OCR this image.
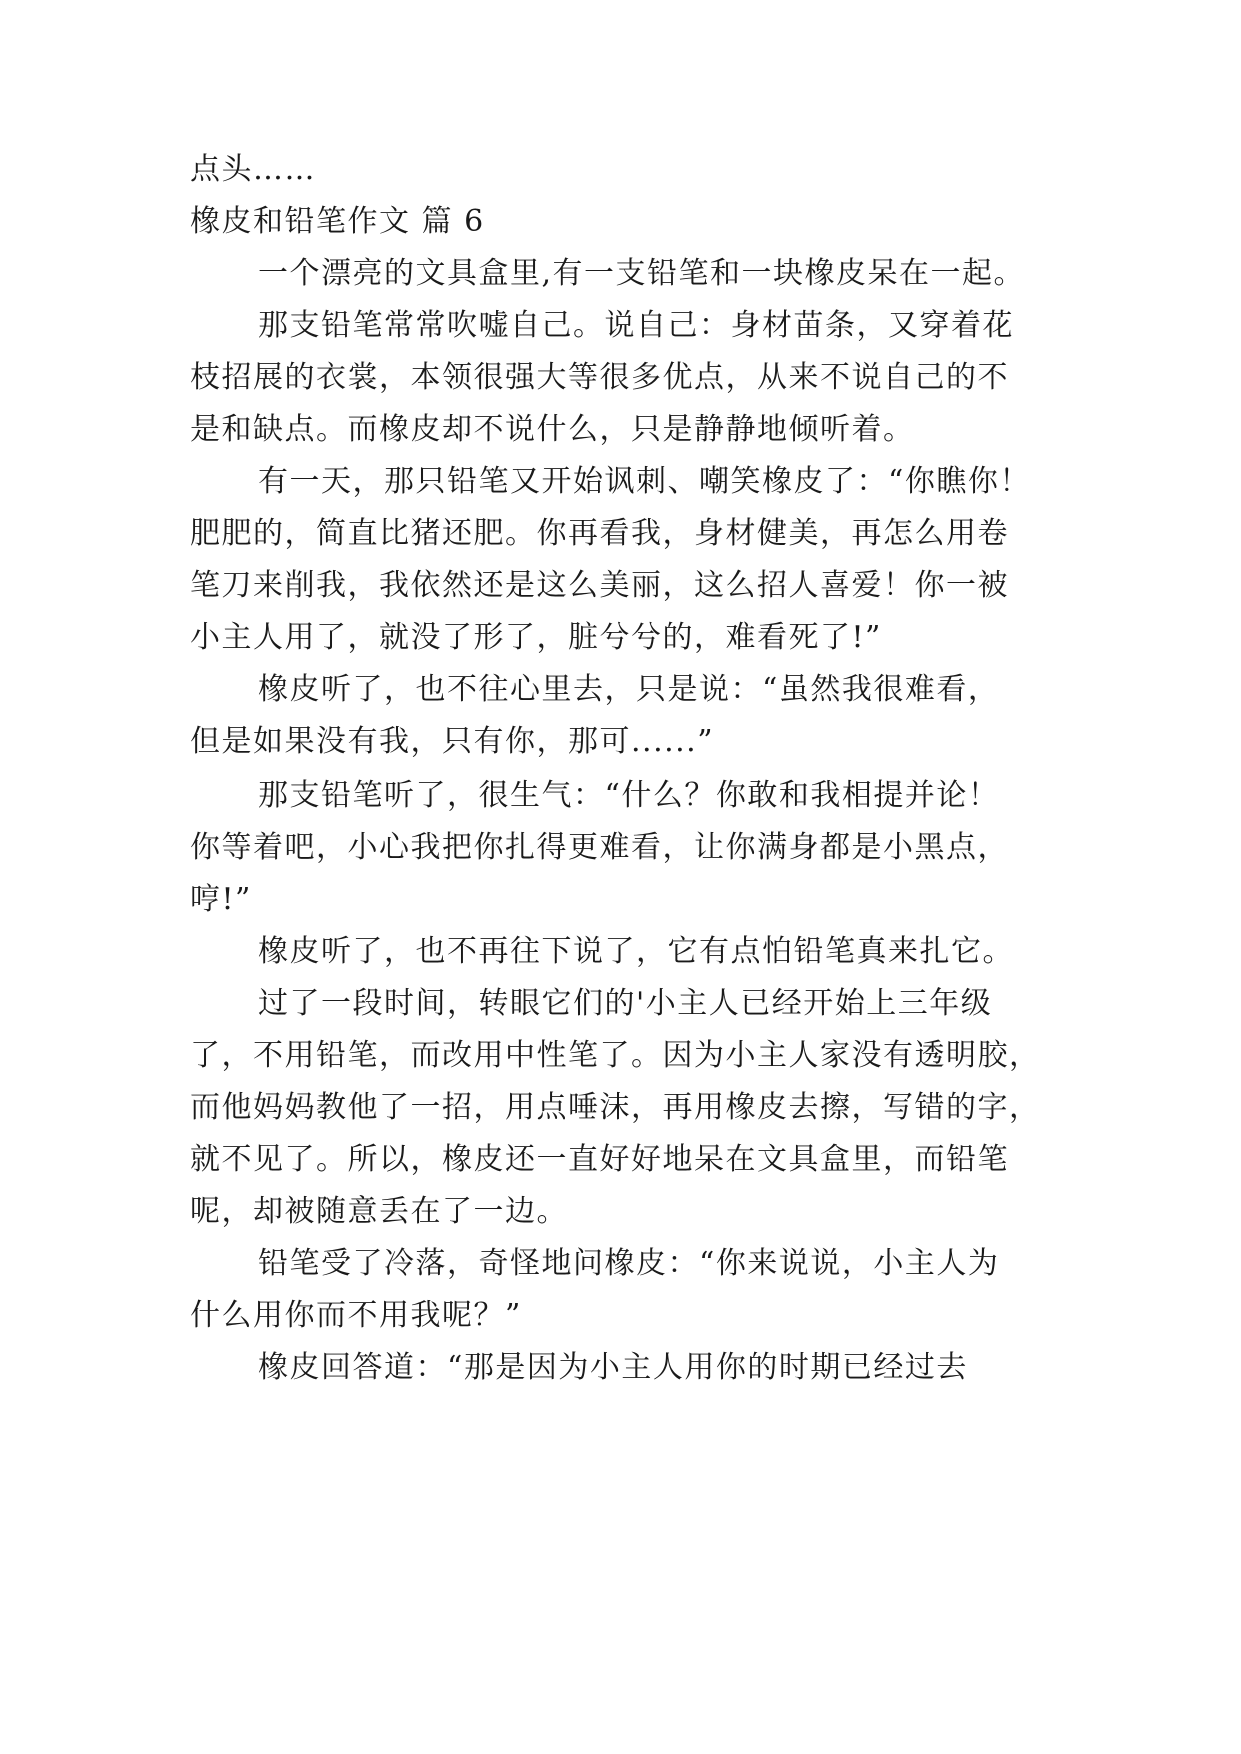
点头……
橡皮和铅笔作文 篇 6
一个漂亮的文具盒里,有一支铅笔和一块橡皮呆在一起。
那支铅笔常常吹嘘自己。说自己：身材苗条，又穿着花
枝招展的衣裳，本领很强大等很多优点，从来不说自己的不
是和缺点。而橡皮却不说什么，只是静静地倾听着。
有一天，那只铅笔又开始讽刺、嘲笑橡皮了：“你瞧你！
肥肥的，简直比猪还肥。你再看我，身材健美，再怎么用卷
笔刀来削我，我依然还是这么美丽，这么招人喜爱！你一被
小主人用了，就没了形了，脏兮兮的，难看死了!”
橡皮听了，也不往心里去，只是说：“虽然我很难看，
但是如果没有我，只有你，那可......”
那支铅笔听了，很生气：“什么？你敢和我相提并论！
你等着吧，小心我把你扎得更难看，让你满身都是小黑点，
哼!”
橡皮听了，也不再往下说了，它有点怕铅笔真来扎它。
过了一段时间，转眼它们的'小主人已经开始上三年级
了，不用铅笔，而改用中性笔了。因为小主人家没有透明胶，
而他妈妈教他了一招，用点唾沫，再用橡皮去擦，写错的字，
就不见了。所以，橡皮还一直好好地呆在文具盒里，而铅笔
呢，却被随意丢在了一边。
铅笔受了冷落，奇怪地问橡皮：“你来说说，小主人为
什么用你而不用我呢？”
橡皮回答道：“那是因为小主人用你的时期已经过去
